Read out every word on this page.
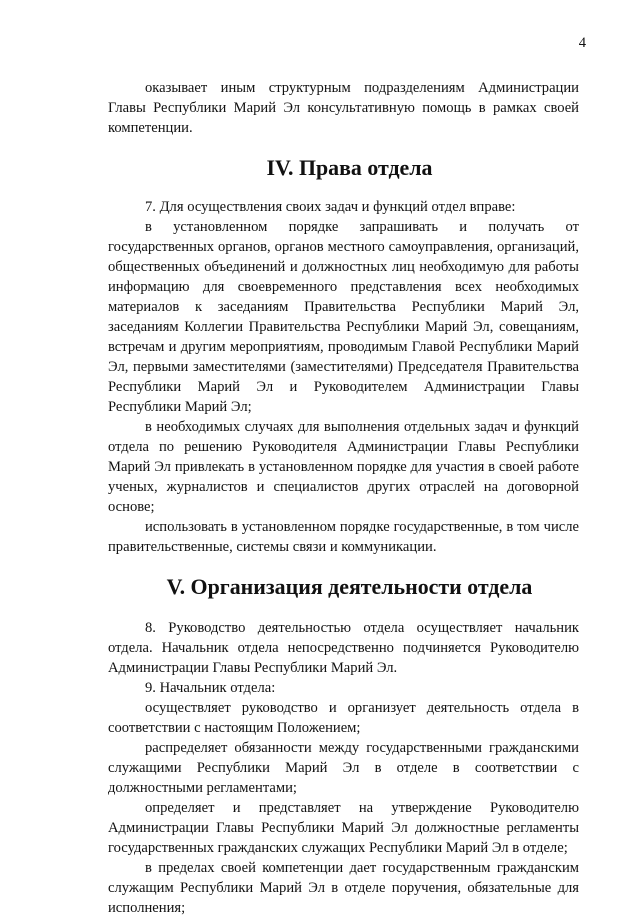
4

оказывает иным структурным подразделениям Администрации Главы Республики Марий Эл консультативную помощь в рамках своей компетенции.

IV. Права отдела

7. Для осуществления своих задач и функций отдел вправе:

в установленном порядке запрашивать и получать от государственных органов, органов местного самоуправления, организаций, общественных объединений и должностных лиц необходимую для работы информацию для своевременного представления всех необходимых материалов к заседаниям Правительства Республики Марий Эл, заседаниям Коллегии Правительства Республики Марий Эл, совещаниям, встречам и другим мероприятиям, проводимым Главой Республики Марий Эл, первыми заместителями (заместителями) Председателя Правительства Республики Марий Эл и Руководителем Администрации Главы Республики Марий Эл;

в необходимых случаях для выполнения отдельных задач и функций отдела по решению Руководителя Администрации Главы Республики Марий Эл привлекать в установленном порядке для участия в своей работе ученых, журналистов и специалистов других отраслей на договорной основе;

использовать в установленном порядке государственные, в том числе правительственные, системы связи и коммуникации.

V. Организация деятельности отдела

8. Руководство деятельностью отдела осуществляет начальник отдела. Начальник отдела непосредственно подчиняется Руководителю Администрации Главы Республики Марий Эл.

9. Начальник отдела:

осуществляет руководство и организует деятельность отдела в соответствии с настоящим Положением;

распределяет обязанности между государственными гражданскими служащими Республики Марий Эл в отделе в соответствии с должностными регламентами;

определяет и представляет на утверждение Руководителю Администрации Главы Республики Марий Эл должностные регламенты государственных гражданских служащих Республики Марий Эл в отделе;

в пределах своей компетенции дает государственным гражданским служащим Республики Марий Эл в отделе поручения, обязательные для исполнения;
